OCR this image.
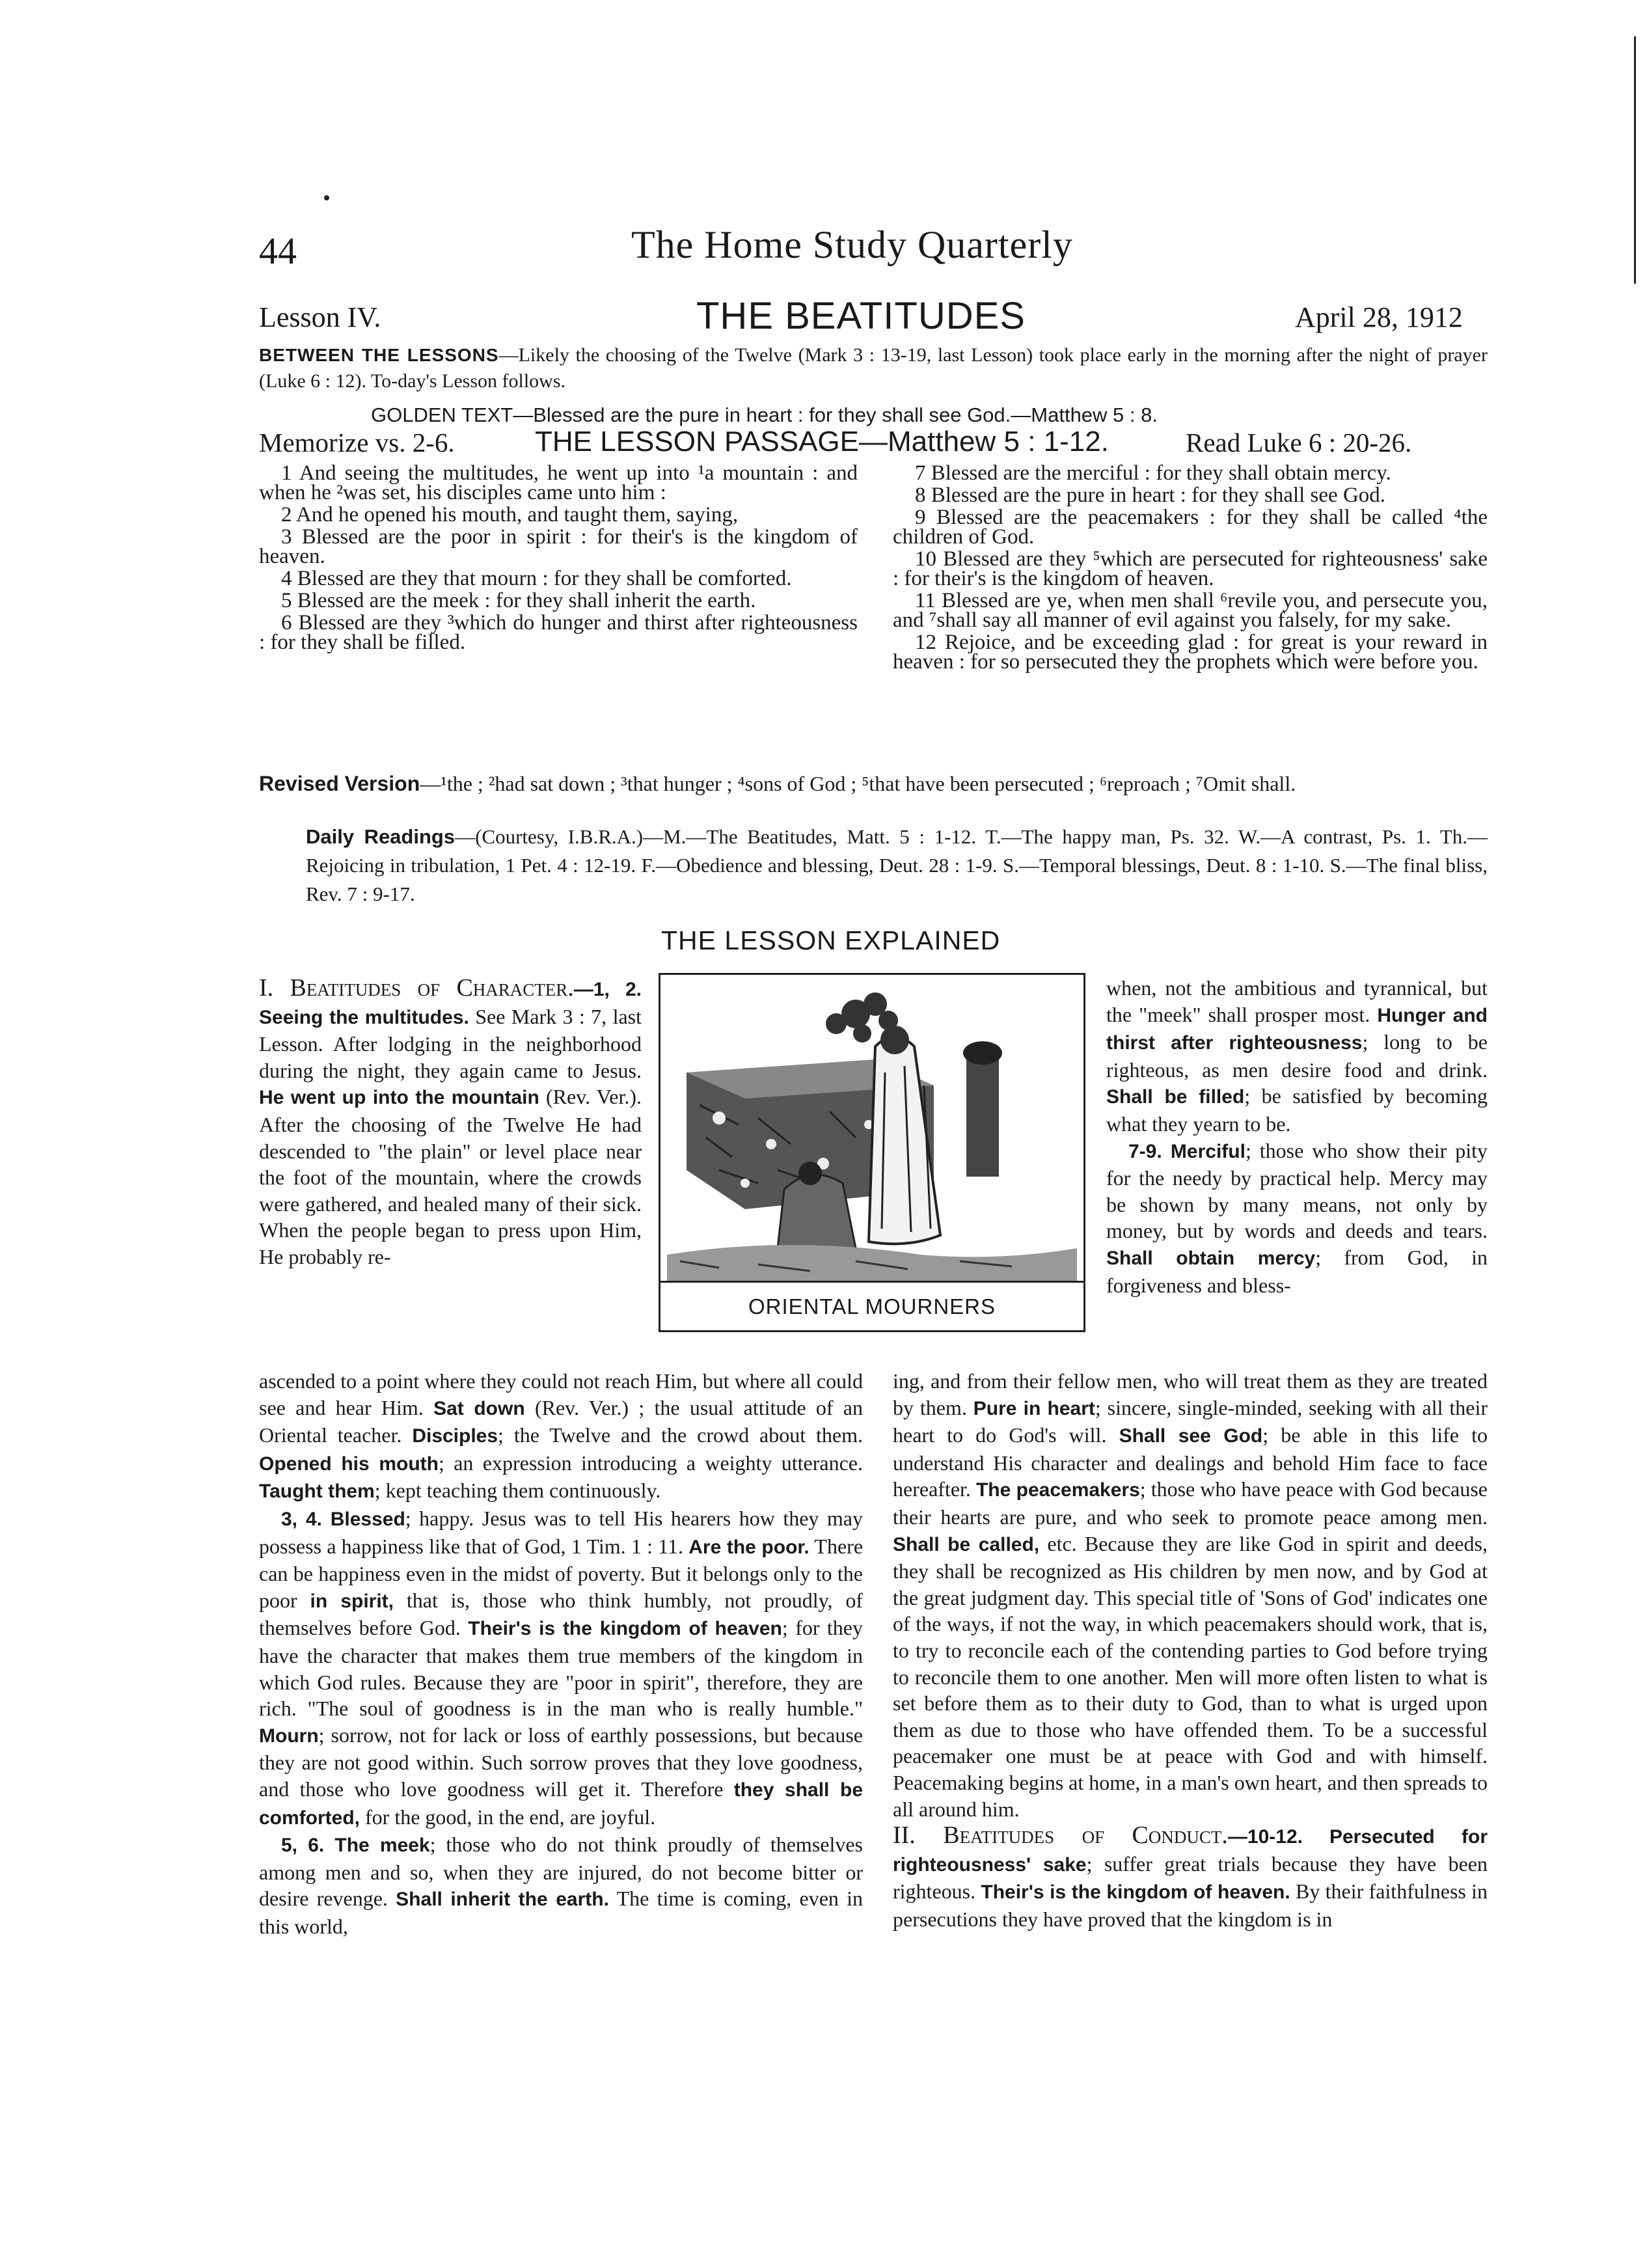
44	The Home Study Quarterly
Lesson IV.	THE BEATITUDES	April 28, 1912
BETWEEN THE LESSONS—Likely the choosing of the Twelve (Mark 3 : 13-19, last Lesson) took place early in the morning after the night of prayer (Luke 6 : 12). To-day's Lesson follows.
GOLDEN TEXT—Blessed are the pure in heart : for they shall see God.—Matthew 5 : 8.
Memorize vs. 2-6.	THE LESSON PASSAGE—Matthew 5 : 1-12.	Read Luke 6 : 20-26.

1 And seeing the multitudes, he went up into ¹a mountain : and when he ²was set, his disciples came unto him :

2 And he opened his mouth, and taught them, saying,

3 Blessed are the poor in spirit : for their's is the kingdom of heaven.

4 Blessed are they that mourn : for they shall be comforted.

5 Blessed are the meek : for they shall inherit the earth.

6 Blessed are they ³which do hunger and thirst after righteousness : for they shall be filled.

7 Blessed are the merciful : for they shall obtain mercy.

8 Blessed are the pure in heart : for they shall see God.

9 Blessed are the peacemakers : for they shall be called ⁴the children of God.

10 Blessed are they ⁵which are persecuted for righteousness' sake : for their's is the kingdom of heaven.

11 Blessed are ye, when men shall ⁶revile you, and persecute you, and ⁷shall say all manner of evil against you falsely, for my sake.

12 Rejoice, and be exceeding glad : for great is your reward in heaven : for so persecuted they the prophets which were before you.

Revised Version—¹the ; ²had sat down ; ³that hunger ; ⁴sons of God ; ⁵that have been persecuted ; ⁶reproach ; ⁷Omit shall.
Daily Readings—(Courtesy, I.B.R.A.)—M.—The Beatitudes, Matt. 5 : 1-12. T.—The happy man, Ps. 32. W.—A contrast, Ps. 1. Th.—Rejoicing in tribulation, 1 Pet. 4 : 12-19. F.—Obedience and blessing, Deut. 28 : 1-9. S.—Temporal blessings, Deut. 8 : 1-10. S.—The final bliss, Rev. 7 : 9-17.
THE LESSON EXPLAINED
ORIENTAL MOURNERS

I. Beatitudes of Character.—1, 2. Seeing the multitudes. See Mark 3 : 7, last Lesson. After lodging in the neighborhood during the night, they again came to Jesus. He went up into the mountain (Rev. Ver.). After the choosing of the Twelve He had descended to "the plain" or level place near the foot of the mountain, where the crowds were gathered, and healed many of their sick. When the people began to press upon Him, He probably re-

when, not the ambitious and tyrannical, but the "meek" shall prosper most. Hunger and thirst after righteousness; long to be righteous, as men desire food and drink. Shall be filled; be satisfied by becoming what they yearn to be.

7-9. Merciful; those who show their pity for the needy by practical help. Mercy may be shown by many means, not only by money, but by words and deeds and tears. Shall obtain mercy; from God, in forgiveness and bless-

ascended to a point where they could not reach Him, but where all could see and hear Him. Sat down (Rev. Ver.) ; the usual attitude of an Oriental teacher. Disciples; the Twelve and the crowd about them. Opened his mouth; an expression introducing a weighty utterance. Taught them; kept teaching them continuously.

3, 4. Blessed; happy. Jesus was to tell His hearers how they may possess a happiness like that of God, 1 Tim. 1 : 11. Are the poor. There can be happiness even in the midst of poverty. But it belongs only to the poor in spirit, that is, those who think humbly, not proudly, of themselves before God. Their's is the kingdom of heaven; for they have the character that makes them true members of the kingdom in which God rules. Because they are "poor in spirit", therefore, they are rich. "The soul of goodness is in the man who is really humble." Mourn; sorrow, not for lack or loss of earthly possessions, but because they are not good within. Such sorrow proves that they love goodness, and those who love goodness will get it. Therefore they shall be comforted, for the good, in the end, are joyful.

5, 6. The meek; those who do not think proudly of themselves among men and so, when they are injured, do not become bitter or desire revenge. Shall inherit the earth. The time is coming, even in this world,

ing, and from their fellow men, who will treat them as they are treated by them. Pure in heart; sincere, single-minded, seeking with all their heart to do God's will. Shall see God; be able in this life to understand His character and dealings and behold Him face to face hereafter. The peacemakers; those who have peace with God because their hearts are pure, and who seek to promote peace among men. Shall be called, etc. Because they are like God in spirit and deeds, they shall be recognized as His children by men now, and by God at the great judgment day. This special title of 'Sons of God' indicates one of the ways, if not the way, in which peacemakers should work, that is, to try to reconcile each of the contending parties to God before trying to reconcile them to one another. Men will more often listen to what is set before them as to their duty to God, than to what is urged upon them as due to those who have offended them. To be a successful peacemaker one must be at peace with God and with himself. Peacemaking begins at home, in a man's own heart, and then spreads to all around him.

II. Beatitudes of Conduct.—10-12. Persecuted for righteousness' sake; suffer great trials because they have been righteous. Their's is the kingdom of heaven. By their faithfulness in persecutions they have proved that the kingdom is in
